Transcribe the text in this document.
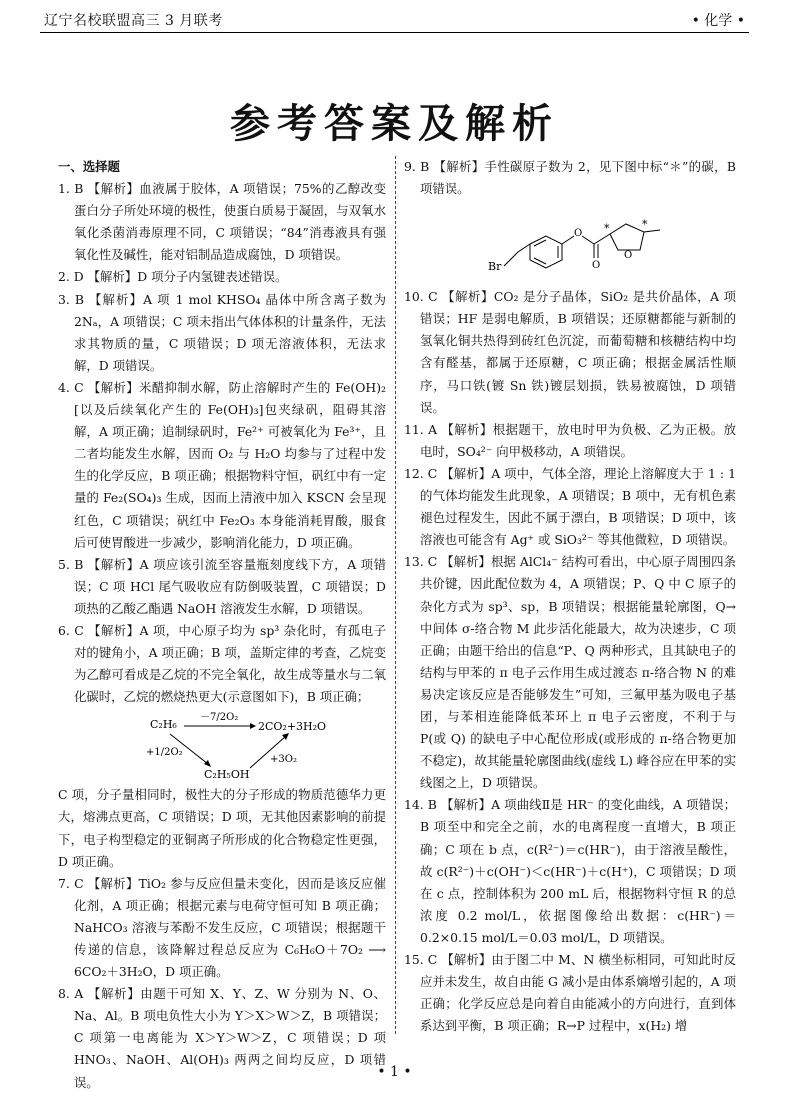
辽宁名校联盟高三 3 月联考	• 化学 •
参考答案及解析

一、选择题

1. B 【解析】血液属于胶体，A 项错误；75%的乙醇改变蛋白分子所处环境的极性，使蛋白质易于凝固，与双氧水氧化杀菌消毒原理不同，C 项错误；“84”消毒液具有强氧化性及碱性，能对铝制品造成腐蚀，D 项错误。

2. D 【解析】D 项分子内氢键表述错误。

3. B 【解析】A 项 1 mol KHSO₄ 晶体中所含离子数为 2Nₐ，A 项错误；C 项未指出气体体积的计量条件，无法求其物质的量，C 项错误；D 项无溶液体积，无法求解，D 项错误。

4. C 【解析】米醋抑制水解，防止溶解时产生的 Fe(OH)₂ [以及后续氧化产生的 Fe(OH)₃]包夹绿矾，阻碍其溶解，A 项正确；追制绿矾时，Fe²⁺ 可被氧化为 Fe³⁺，且二者均能发生水解，因而 O₂ 与 H₂O 均参与了过程中发生的化学反应，B 项正确；根据物料守恒，矾红中有一定量的 Fe₂(SO₄)₃ 生成，因而上清液中加入 KSCN 会呈现红色，C 项错误；矾红中 Fe₂O₃ 本身能消耗胃酸，服食后可使胃酸进一步减少，影响消化能力，D 项正确。

5. B 【解析】A 项应该引流至容量瓶刻度线下方，A 项错误；C 项 HCl 尾气吸收应有防倒吸装置，C 项错误；D 项热的乙酸乙酯遇 NaOH 溶液发生水解，D 项错误。

6. C 【解析】A 项，中心原子均为 sp³ 杂化时，有孤电子对的键角小，A 项正确；B 项，盖斯定律的考查，乙烷变为乙醇可看成是乙烷的不完全氧化，故生成等量水与二氧化碳时，乙烷的燃烧热更大(示意图如下)，B 项正确；

C₂H₆
－7/2O₂
2CO₂+3H₂O
+1/2O₂
C₂H₅OH
+3O₂

C 项，分子量相同时，极性大的分子形成的物质范德华力更大，熔沸点更高，C 项错误；D 项，无其他因素影响的前提下，电子构型稳定的亚铜离子所形成的化合物稳定性更强，D 项正确。

7. C 【解析】TiO₂ 参与反应但量未变化，因而是该反应催化剂，A 项正确；根据元素与电荷守恒可知 B 项正确；NaHCO₃ 溶液与苯酚不发生反应，C 项错误；根据题干传递的信息，该降解过程总反应为 C₆H₆O＋7O₂ ⟶ 6CO₂＋3H₂O，D 项正确。

8. A 【解析】由题干可知 X、Y、Z、W 分别为 N、O、Na、Al。B 项电负性大小为 Y＞X＞W＞Z，B 项错误；C 项第一电离能为 X＞Y＞W＞Z，C 项错误；D 项 HNO₃、NaOH、Al(OH)₃ 两两之间均反应，D 项错误。

9. B 【解析】手性碳原子数为 2，见下图中标“＊”的碳，B 项错误。

Br
O
O
O
*	*

10. C 【解析】CO₂ 是分子晶体，SiO₂ 是共价晶体，A 项错误；HF 是弱电解质，B 项错误；还原糖都能与新制的氢氧化铜共热得到砖红色沉淀，而葡萄糖和核糖结构中均含有醛基，都属于还原糖，C 项正确；根据金属活性顺序，马口铁(镀 Sn 铁)镀层划损，铁易被腐蚀，D 项错误。

11. A 【解析】根据题干，放电时甲为负极、乙为正极。放电时，SO₄²⁻ 向甲极移动，A 项错误。

12. C 【解析】A 项中，气体全溶，理论上溶解度大于 1 : 1 的气体均能发生此现象，A 项错误；B 项中，无有机色素褪色过程发生，因此不属于漂白，B 项错误；D 项中，该溶液也可能含有 Ag⁺ 或 SiO₃²⁻ 等其他微粒，D 项错误。

13. C 【解析】根据 AlCl₄⁻ 结构可看出，中心原子周围四条共价键，因此配位数为 4，A 项错误；P、Q 中 C 原子的杂化方式为 sp³、sp，B 项错误；根据能量轮廓图，Q→中间体 σ-络合物 M 此步活化能最大，故为决速步，C 项正确；由题干给出的信息“P、Q 两种形式，且其缺电子的结构与甲苯的 π 电子云作用生成过渡态 π-络合物 N 的难易决定该反应是否能够发生”可知，三氟甲基为吸电子基团，与苯相连能降低苯环上 π 电子云密度，不利于与 P(或 Q) 的缺电子中心配位形成(或形成的 π-络合物更加不稳定)，故其能量轮廓图曲线(虚线 L) 峰谷应在甲苯的实线图之上，D 项错误。

14. B 【解析】A 项曲线Ⅱ是 HR⁻ 的变化曲线，A 项错误；B 项至中和完全之前，水的电离程度一直增大，B 项正确；C 项在 b 点，c(R²⁻)＝c(HR⁻)，由于溶液呈酸性，故 c(R²⁻)＋c(OH⁻)＜c(HR⁻)＋c(H⁺)，C 项错误；D 项在 c 点，控制体积为 200 mL 后，根据物料守恒 R 的总浓度 0.2 mol/L，依据图像给出数据：c(HR⁻)＝0.2×0.15 mol/L＝0.03 mol/L，D 项错误。

15. C 【解析】由于图二中 M、N 横坐标相同，可知此时反应并未发生，故自由能 G 减小是由体系熵增引起的，A 项正确；化学反应总是向着自由能减小的方向进行，直到体系达到平衡，B 项正确；R→P 过程中，x(H₂) 增

• 1 •
